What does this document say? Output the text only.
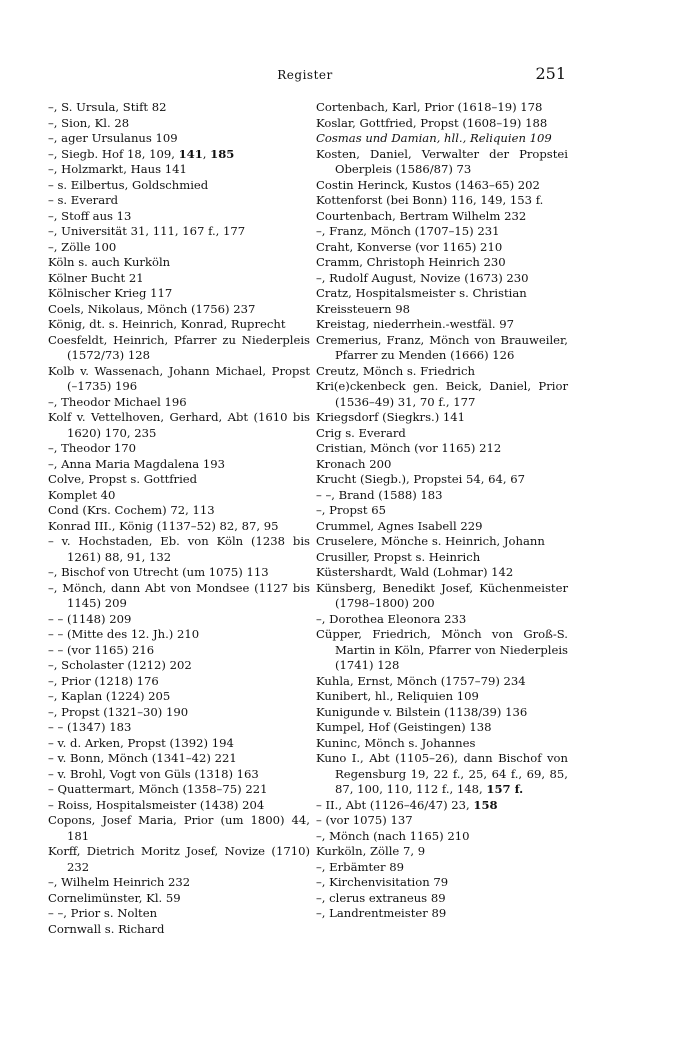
Register	251
–, S. Ursula, Stift 82
–, Sion, Kl. 28
–, ager Ursulanus 109
–, Siegb. Hof 18, 109, 141, 185
–, Holzmarkt, Haus 141
– s. Eilbertus, Goldschmied
– s. Everard
–, Stoff aus 13
–, Universität 31, 111, 167 f., 177
–, Zölle 100
Köln s. auch Kurköln
Kölner Bucht 21
Kölnischer Krieg 117
Coels, Nikolaus, Mönch (1756) 237
König, dt. s. Heinrich, Konrad, Ruprecht
Coesfeldt, Heinrich, Pfarrer zu Niederpleis (1572/73) 128
Kolb v. Wassenach, Johann Michael, Propst (–1735) 196
–, Theodor Michael 196
Kolf v. Vettelhoven, Gerhard, Abt (1610 bis 1620) 170, 235
–, Theodor 170
–, Anna Maria Magdalena 193
Colve, Propst s. Gottfried
Komplet 40
Cond (Krs. Cochem) 72, 113
Konrad III., König (1137–52) 82, 87, 95
– v. Hochstaden, Eb. von Köln (1238 bis 1261) 88, 91, 132
–, Bischof von Utrecht (um 1075) 113
–, Mönch, dann Abt von Mondsee (1127 bis 1145) 209
– – (1148) 209
– – (Mitte des 12. Jh.) 210
– – (vor 1165) 216
–, Scholaster (1212) 202
–, Prior (1218) 176
–, Kaplan (1224) 205
–, Propst (1321–30) 190
– – (1347) 183
– v. d. Arken, Propst (1392) 194
– v. Bonn, Mönch (1341–42) 221
– v. Brohl, Vogt von Güls (1318) 163
– Quattermart, Mönch (1358–75) 221
– Roiss, Hospitalsmeister (1438) 204
Copons, Josef Maria, Prior (um 1800) 44, 181
Korff, Dietrich Moritz Josef, Novize (1710) 232
–, Wilhelm Heinrich 232
Cornelimünster, Kl. 59
– –, Prior s. Nolten
Cornwall s. Richard
Cortenbach, Karl, Prior (1618–19) 178
Koslar, Gottfried, Propst (1608–19) 188
Cosmas und Damian, hll., Reliquien 109
Kosten, Daniel, Verwalter der Propstei Oberpleis (1586/87) 73
Costin Herinck, Kustos (1463–65) 202
Kottenforst (bei Bonn) 116, 149, 153 f.
Courtenbach, Bertram Wilhelm 232
–, Franz, Mönch (1707–15) 231
Craht, Konverse (vor 1165) 210
Cramm, Christoph Heinrich 230
–, Rudolf August, Novize (1673) 230
Cratz, Hospitalsmeister s. Christian
Kreissteuern 98
Kreistag, niederrhein.-westfäl. 97
Cremerius, Franz, Mönch von Brauweiler, Pfarrer zu Menden (1666) 126
Creutz, Mönch s. Friedrich
Kri(e)ckenbeck gen. Beick, Daniel, Prior (1536–49) 31, 70 f., 177
Kriegsdorf (Siegkrs.) 141
Crig s. Everard
Cristian, Mönch (vor 1165) 212
Kronach 200
Krucht (Siegb.), Propstei 54, 64, 67
– –, Brand (1588) 183
–, Propst 65
Crummel, Agnes Isabell 229
Cruselere, Mönche s. Heinrich, Johann
Crusiller, Propst s. Heinrich
Küstershardt, Wald (Lohmar) 142
Künsberg, Benedikt Josef, Küchenmeister (1798–1800) 200
–, Dorothea Eleonora 233
Cüpper, Friedrich, Mönch von Groß-S. Martin in Köln, Pfarrer von Niederpleis (1741) 128
Kuhla, Ernst, Mönch (1757–79) 234
Kunibert, hl., Reliquien 109
Kunigunde v. Bilstein (1138/39) 136
Kumpel, Hof (Geistingen) 138
Kuninc, Mönch s. Johannes
Kuno I., Abt (1105–26), dann Bischof von Regensburg 19, 22 f., 25, 64 f., 69, 85, 87, 100, 110, 112 f., 148, 157 f.
– II., Abt (1126–46/47) 23, 158
– (vor 1075) 137
–, Mönch (nach 1165) 210
Kurköln, Zölle 7, 9
–, Erbämter 89
–, Kirchenvisitation 79
–, clerus extraneus 89
–, Landrentmeister 89
